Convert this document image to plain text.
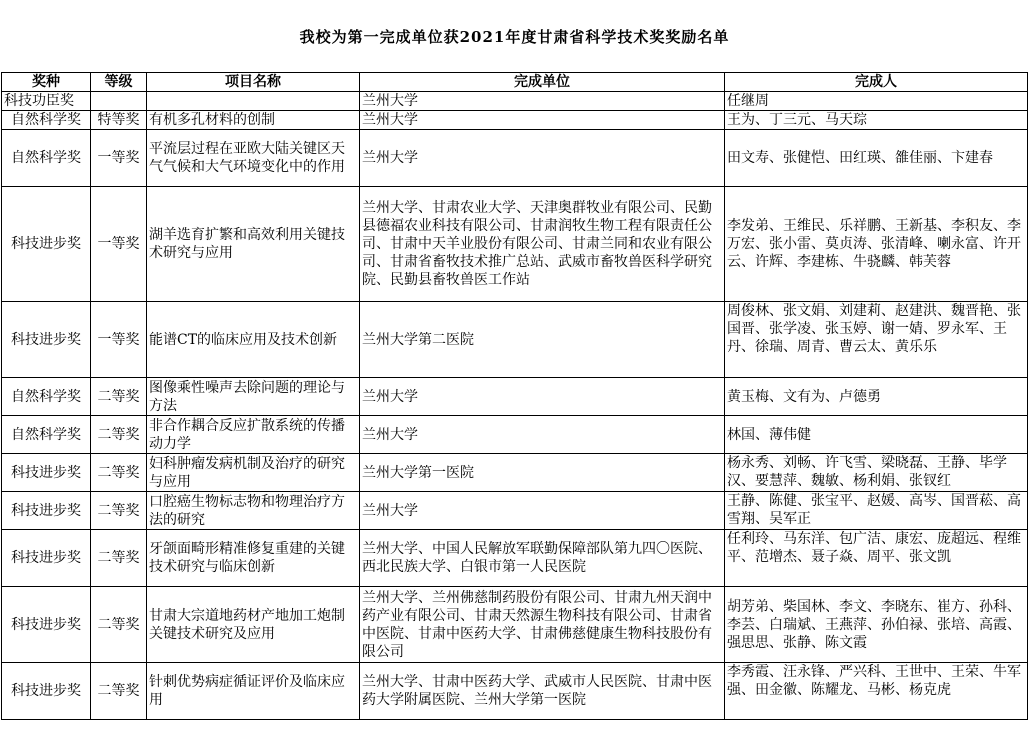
我校为第一完成单位获2021年度甘肃省科学技术奖奖励名单
奖种	等级	项目名称	完成单位	完成人
科技功臣奖			兰州大学	任继周
自然科学奖	特等奖	有机多孔材料的创制	兰州大学	王为、丁三元、马天琮
自然科学奖	一等奖	平流层过程在亚欧大陆关键区天气气候和大气环境变化中的作用	兰州大学	田文寿、张健恺、田红瑛、雒佳丽、卞建春
科技进步奖	一等奖	湖羊选育扩繁和高效利用关键技术研究与应用	兰州大学、甘肃农业大学、天津奥群牧业有限公司、民勤县德福农业科技有限公司、甘肃润牧生物工程有限责任公司、甘肃中天羊业股份有限公司、甘肃兰同和农业有限公司、甘肃省畜牧技术推广总站、武威市畜牧兽医科学研究院、民勤县畜牧兽医工作站	李发弟、王维民、乐祥鹏、王新基、李积友、李万宏、张小雷、莫贞涛、张清峰、喇永富、许开云、许辉、李建栋、牛骁麟、韩芙蓉
科技进步奖	一等奖	能谱CT的临床应用及技术创新	兰州大学第二医院	周俊林、张文娟、刘建莉、赵建洪、魏晋艳、张国晋、张学凌、张玉婷、谢一婧、罗永军、王丹、徐瑞、周青、曹云太、黄乐乐
自然科学奖	二等奖	图像乘性噪声去除问题的理论与方法	兰州大学	黄玉梅、文有为、卢德勇
自然科学奖	二等奖	非合作耦合反应扩散系统的传播动力学	兰州大学	林国、薄伟健
科技进步奖	二等奖	妇科肿瘤发病机制及治疗的研究与应用	兰州大学第一医院	杨永秀、刘畅、许飞雪、梁晓磊、王静、毕学汉、要慧萍、魏敏、杨利娟、张钗红
科技进步奖	二等奖	口腔癌生物标志物和物理治疗方法的研究	兰州大学	王静、陈健、张宝平、赵媛、高岑、国晋菘、高雪翔、吴军正
科技进步奖	二等奖	牙颌面畸形精准修复重建的关键技术研究与临床创新	兰州大学、中国人民解放军联勤保障部队第九四〇医院、西北民族大学、白银市第一人民医院	任利玲、马东洋、包广洁、康宏、庞超远、程维平、范增杰、聂子焱、周平、张文凯
科技进步奖	二等奖	甘肃大宗道地药材产地加工炮制关键技术研究及应用	兰州大学、兰州佛慈制药股份有限公司、甘肃九州天润中药产业有限公司、甘肃天然源生物科技有限公司、甘肃省中医院、甘肃中医药大学、甘肃佛慈健康生物科技股份有限公司	胡芳弟、柴国林、李文、李晓东、崔方、孙科、李芸、白瑞斌、王燕萍、孙伯禄、张培、高霞、强思思、张静、陈文霞
科技进步奖	二等奖	针刺优势病症循证评价及临床应用	兰州大学、甘肃中医药大学、武威市人民医院、甘肃中医药大学附属医院、兰州大学第一医院	李秀霞、汪永锋、严兴科、王世中、王荣、牛军强、田金徽、陈耀龙、马彬、杨克虎
